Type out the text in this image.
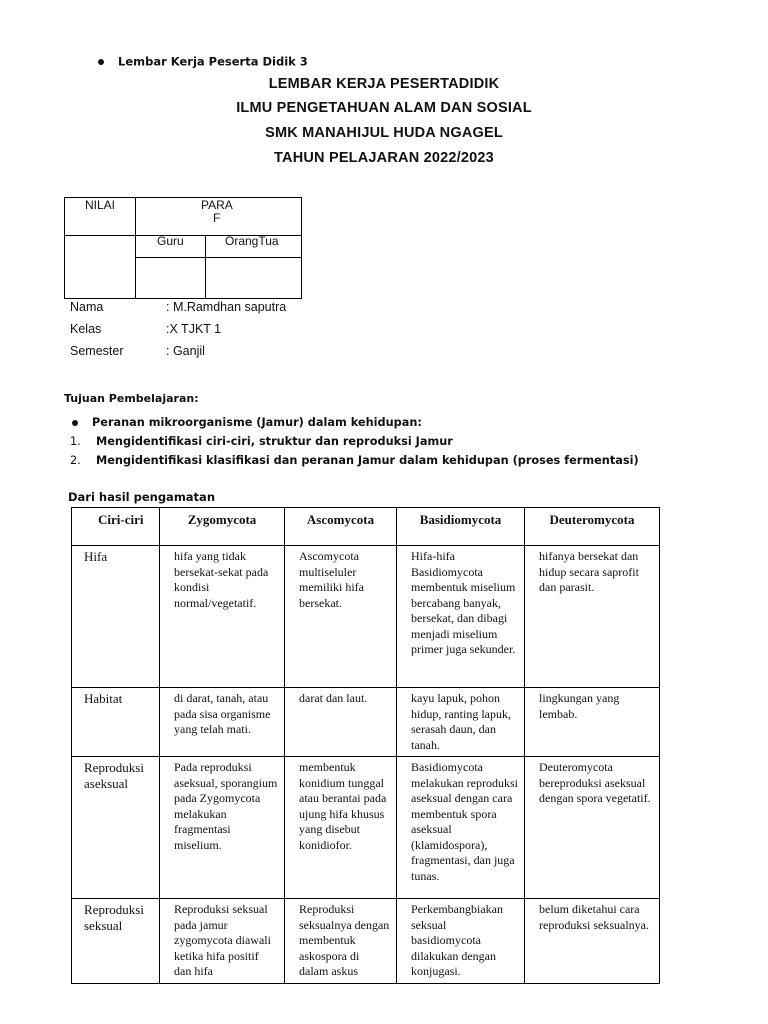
Lembar Kerja Peserta Didik 3
LEMBAR KERJA PESERTADIDIK
ILMU PENGETAHUAN ALAM DAN SOSIAL
SMK MANAHIJUL HUDA NGAGEL
TAHUN PELAJARAN 2022/2023
NILAI	PARA
F
Guru	OrangTua
Nama	: M.Ramdhan saputra
Kelas	:X TJKT 1
Semester	: Ganjil
Tujuan Pembelajaran:
Peranan mikroorganisme (Jamur) dalam kehidupan:
1. Mengidentifikasi ciri-ciri, struktur dan reproduksi Jamur
2. Mengidentifikasi klasifikasi dan peranan Jamur dalam kehidupan (proses fermentasi)
Dari hasil pengamatan
Ciri-ciri	Zygomycota	Ascomycota	Basidiomycota	Deuteromycota
Hifa	hifa yang tidak bersekat-sekat pada kondisi normal/vegetatif.	Ascomycota multiseluler memiliki hifa bersekat.	Hifa-hifa Basidiomycota membentuk miselium bercabang banyak, bersekat, dan dibagi menjadi miselium primer juga sekunder.	hifanya bersekat dan hidup secara saprofit dan parasit.
Habitat	di darat, tanah, atau pada sisa organisme yang telah mati.	darat dan laut.	kayu lapuk, pohon hidup, ranting lapuk, serasah daun, dan tanah.	lingkungan yang lembab.
Reproduksi aseksual	Pada reproduksi aseksual, sporangium pada Zygomycota melakukan fragmentasi miselium.	membentuk konidium tunggal atau berantai pada ujung hifa khusus yang disebut konidiofor.	Basidiomycota melakukan reproduksi aseksual dengan cara membentuk spora aseksual (klamidospora), fragmentasi, dan juga tunas.	Deuteromycota bereproduksi aseksual dengan spora vegetatif.
Reproduksi seksual	Reproduksi seksual pada jamur zygomycota diawali ketika hifa positif dan hifa	Reproduksi seksualnya dengan membentuk askospora di dalam askus	Perkembangbiakan seksual basidiomycota dilakukan dengan konjugasi.	belum diketahui cara reproduksi seksualnya.
